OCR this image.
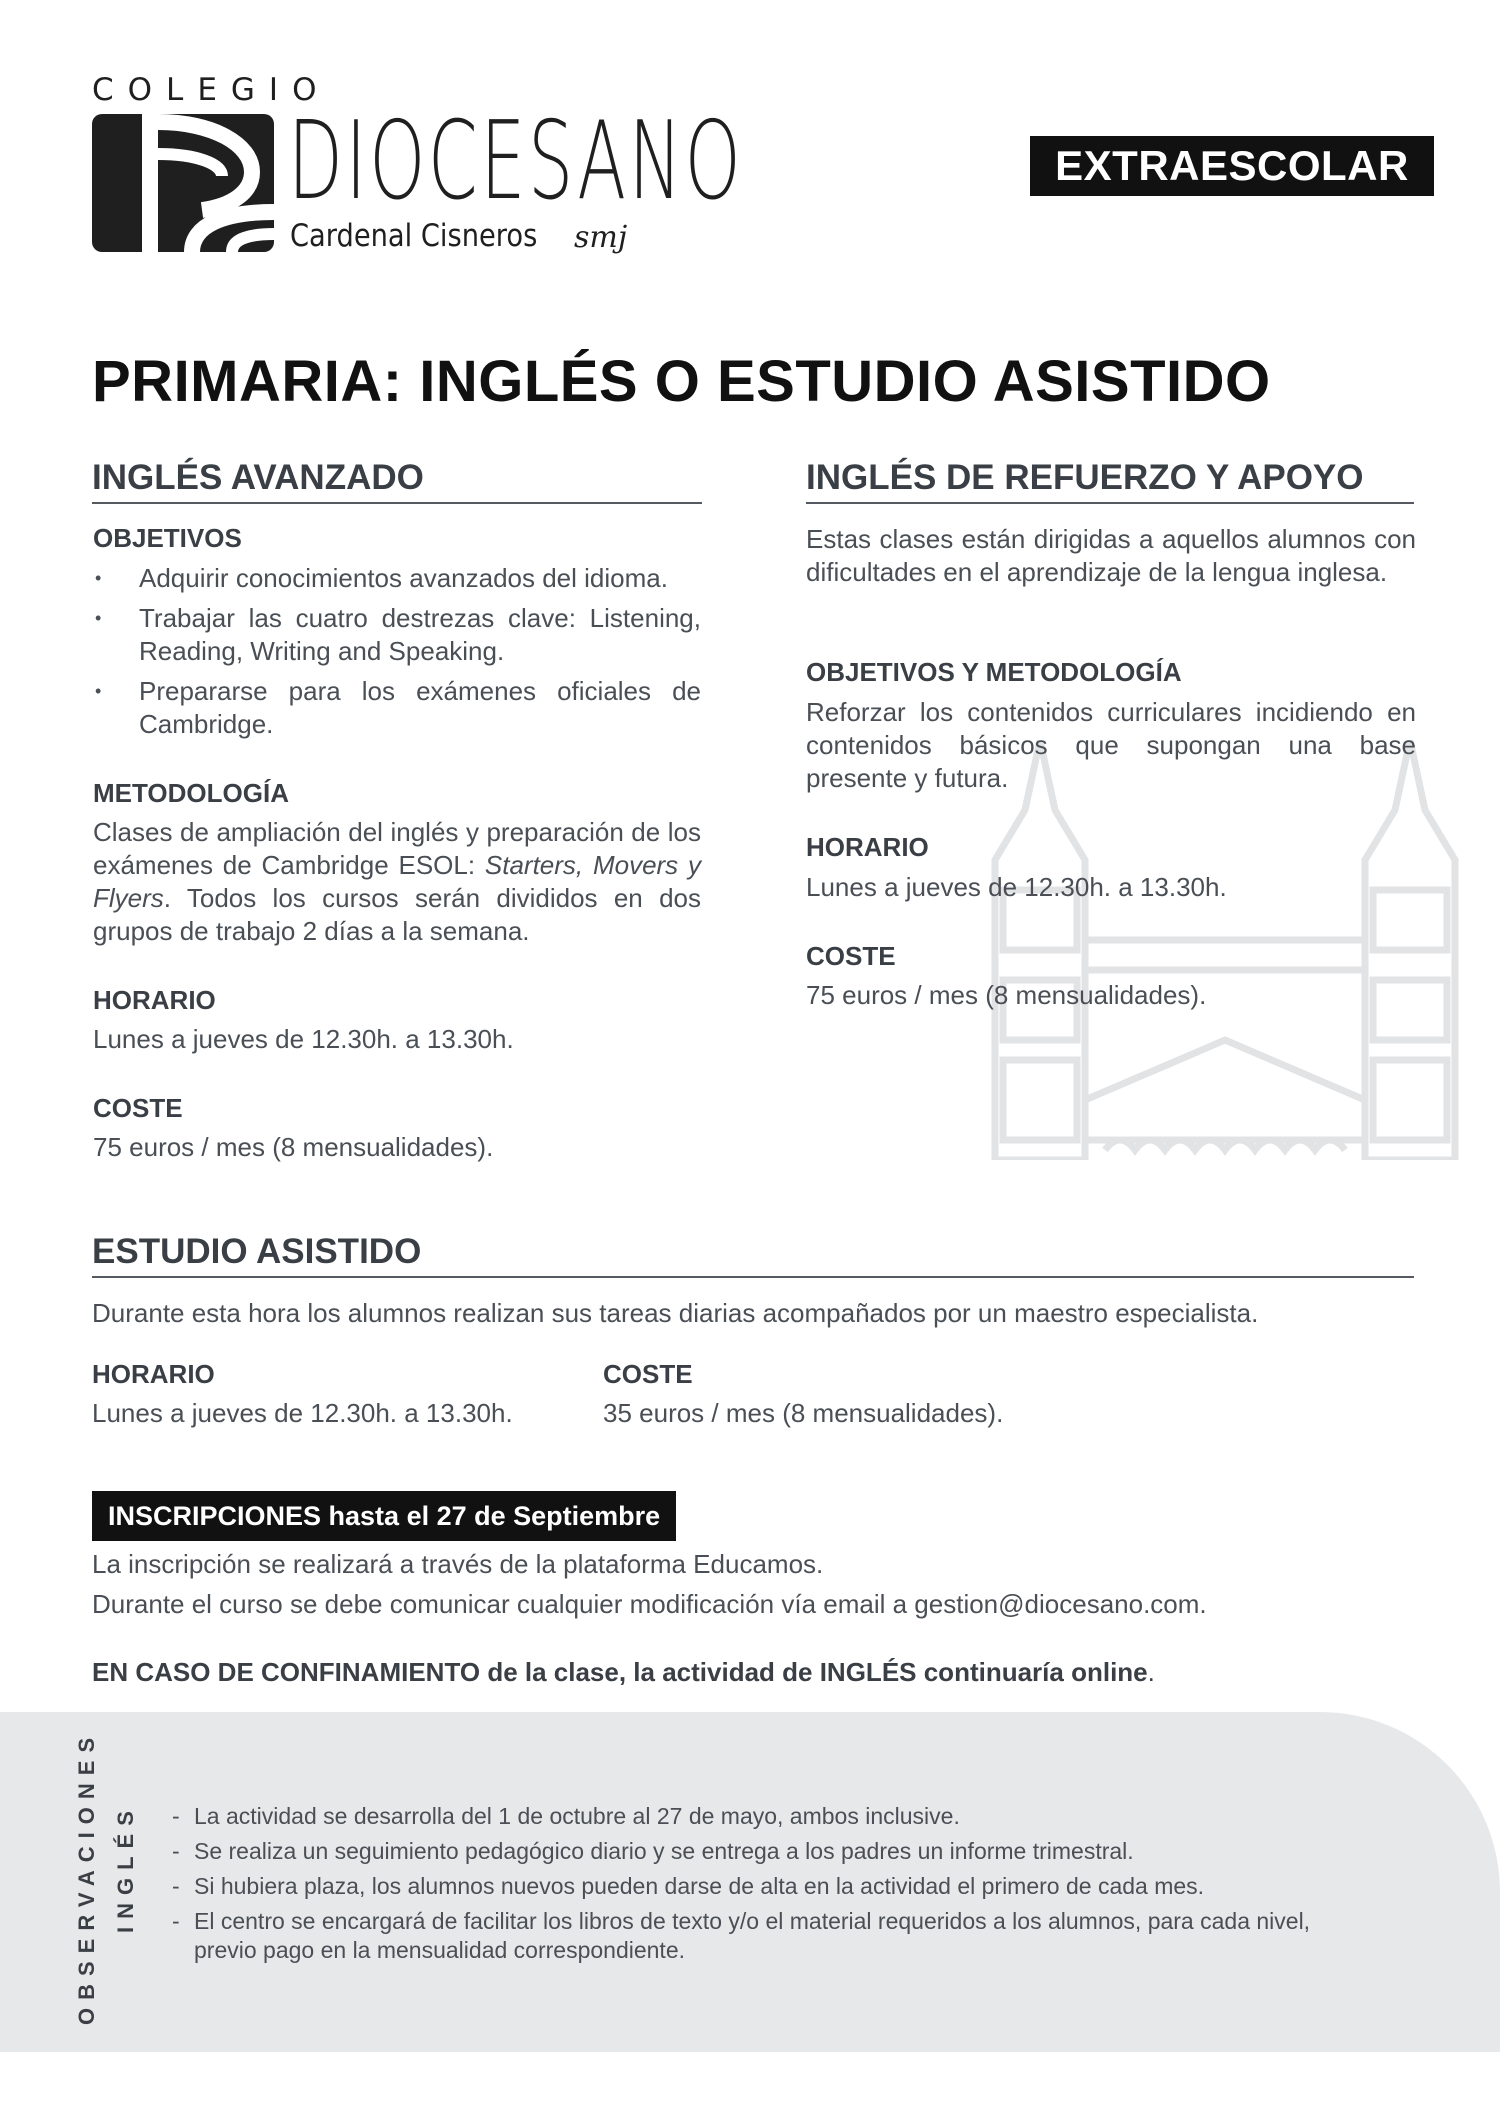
COLEGIO
DIOCESANO
Cardenal Cisneros smj
EXTRAESCOLAR
PRIMARIA: INGLÉS O ESTUDIO ASISTIDO
INGLÉS AVANZADO
OBJETIVOS
• Adquirir conocimientos avanzados del idioma.
• Trabajar las cuatro destrezas clave: Listening, Reading, Writing and Speaking.
• Prepararse para los exámenes oficiales de Cambridge.
METODOLOGÍA

Clases de ampliación del inglés y preparación de los exámenes de Cambridge ESOL: Starters, Movers y Flyers. Todos los cursos serán divididos en dos grupos de trabajo 2 días a la semana.

HORARIO
Lunes a jueves de 12.30h. a 13.30h.
COSTE
75 euros / mes (8 mensualidades).
INGLÉS DE REFUERZO Y APOYO

Estas clases están dirigidas a aquellos alumnos con dificultades en el aprendizaje de la lengua inglesa.

OBJETIVOS Y METODOLOGÍA

Reforzar los contenidos curriculares incidiendo en contenidos básicos que supongan una base presente y futura.

HORARIO
Lunes a jueves de 12.30h. a 13.30h.
COSTE
75 euros / mes (8 mensualidades).
ESTUDIO ASISTIDO
Durante esta hora los alumnos realizan sus tareas diarias acompañados por un maestro especialista.
HORARIO
Lunes a jueves de 12.30h. a 13.30h.
COSTE
35 euros / mes (8 mensualidades).
INSCRIPCIONES hasta el 27 de Septiembre
La inscripción se realizará a través de la plataforma Educamos.
Durante el curso se debe comunicar cualquier modificación vía email a gestion@diocesano.com.
EN CASO DE CONFINAMIENTO de la clase, la actividad de INGLÉS continuaría online.
OBSERVACIONES INGLÉS
-	La actividad se desarrolla del 1 de octubre al 27 de mayo, ambos inclusive.
- Se realiza un seguimiento pedagógico diario y se entrega a los padres un informe trimestral.
- Si hubiera plaza, los alumnos nuevos pueden darse de alta en la actividad el primero de cada mes.
- El centro se encargará de facilitar los libros de texto y/o el material requeridos a los alumnos, para cada nivel, previo pago en la mensualidad correspondiente.
